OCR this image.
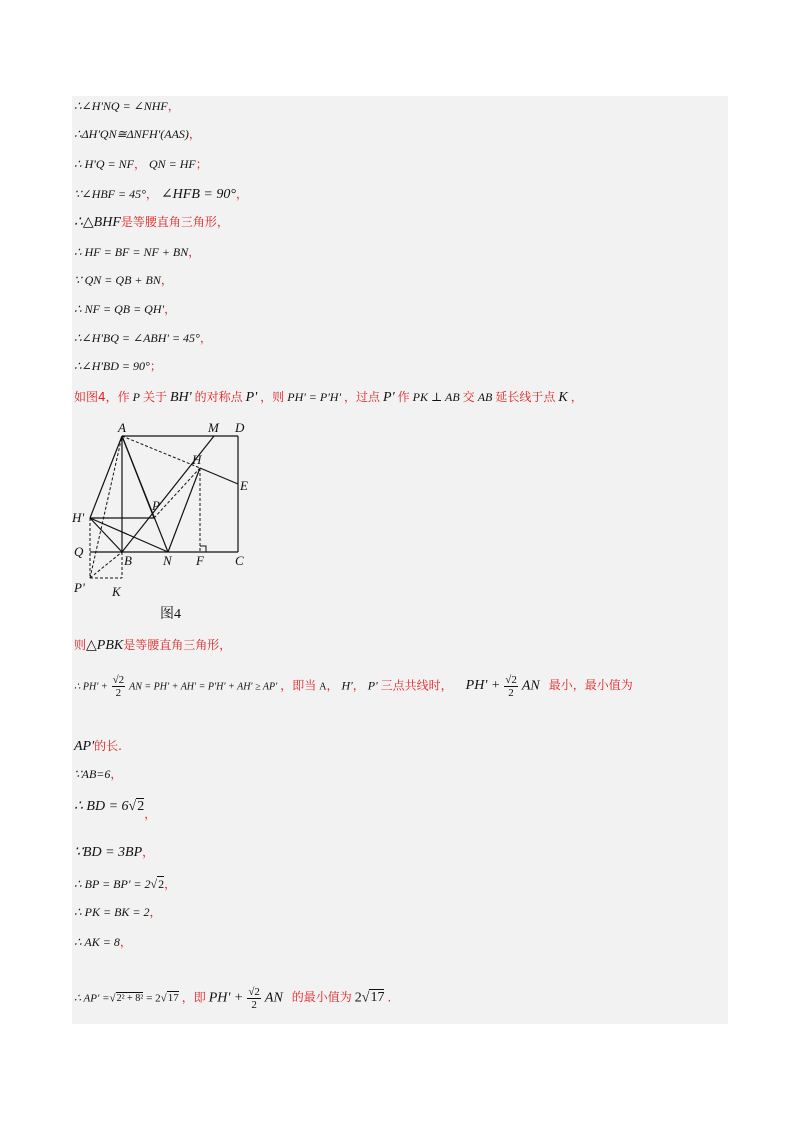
∴∠H'NQ = ∠NHF，
∴ΔH'QN≅ΔNFH'(AAS)，
∴ H'Q = NF， QN = HF；
∵∠HBF = 45°， ∠HFB = 90°，
∴△BHF是等腰直角三角形，
∴ HF = BF = NF + BN，
∵ QN = QB + BN，
∴ NF = QB = QH'，
∴∠H'BQ = ∠ABH' = 45°，
∴∠H'BD = 90°；
如图4，作 P 关于 BH' 的对称点 P' ，则 PH' = P'H' ，过点 P' 作 PK ⊥ AB 交 AB 延长线于点 K ，
A	M D
H
E
P
H'
Q
B N F C
P' K
图4
则△PBK是等腰直角三角形，
∴ $PH' + \frac{√2}{2}$ AN = PH' + AH' = P'H' + AH' ≥ AP' ，即当 A， H'， P' 三点共线时， $PH' + \frac{√2}{2}$ AN 最小，最小值为
AP'的长.
∵AB=6，
∴ BD = 6√2，
∵BD = 3BP，
∴ BP = BP' = 2√2，
∴ PK = BK = 2，
∴ AK = 8，
∴ AP' =√2² + 8² = 2√17 ，即 $PH' + \frac{√2}{2}$ AN 的最小值为 2√17 .
